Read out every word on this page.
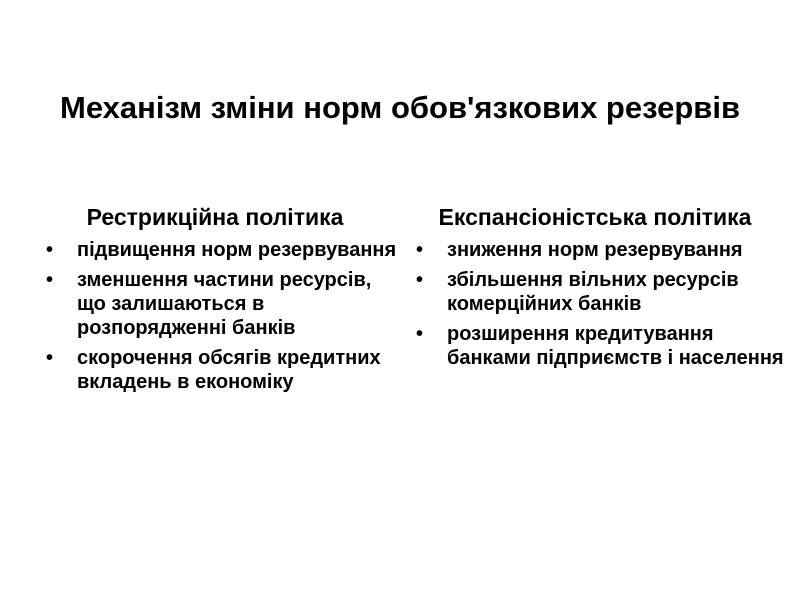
Механізм зміни норм обов'язкових резервів
Рестрикційна політика
• підвищення норм резервування
• зменшення частини ресурсів, що залишаються в розпорядженні банків
• скорочення обсягів кредитних вкладень в економіку
Експансіоністська політика
• зниження норм резервування
• збільшення вільних ресурсів комерційних банків
• розширення кредитування банками підприємств і населення
